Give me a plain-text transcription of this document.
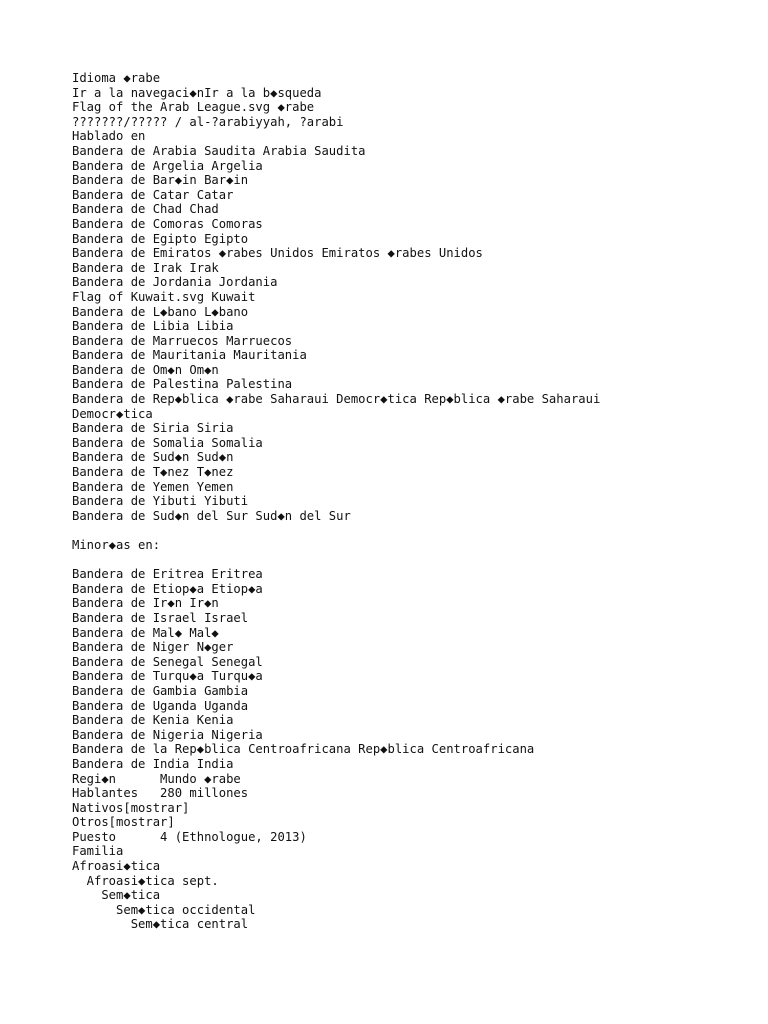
Idioma ◆rabe
Ir a la navegaci◆nIr a la b◆squeda
Flag of the Arab League.svg ◆rabe
???????/????? / al-?arabiyyah, ?arabi
Hablado en
Bandera de Arabia Saudita Arabia Saudita
Bandera de Argelia Argelia
Bandera de Bar◆in Bar◆in
Bandera de Catar Catar
Bandera de Chad Chad
Bandera de Comoras Comoras
Bandera de Egipto Egipto
Bandera de Emiratos ◆rabes Unidos Emiratos ◆rabes Unidos
Bandera de Irak Irak
Bandera de Jordania Jordania
Flag of Kuwait.svg Kuwait
Bandera de L◆bano L◆bano
Bandera de Libia Libia
Bandera de Marruecos Marruecos
Bandera de Mauritania Mauritania
Bandera de Om◆n Om◆n
Bandera de Palestina Palestina
Bandera de Rep◆blica ◆rabe Saharaui Democr◆tica Rep◆blica ◆rabe Saharaui
Democr◆tica
Bandera de Siria Siria
Bandera de Somalia Somalia
Bandera de Sud◆n Sud◆n
Bandera de T◆nez T◆nez
Bandera de Yemen Yemen
Bandera de Yibuti Yibuti
Bandera de Sud◆n del Sur Sud◆n del Sur
Minor◆as en:
Bandera de Eritrea Eritrea
Bandera de Etiop◆a Etiop◆a
Bandera de Ir◆n Ir◆n
Bandera de Israel Israel
Bandera de Mal◆ Mal◆
Bandera de Niger N◆ger
Bandera de Senegal Senegal
Bandera de Turqu◆a Turqu◆a
Bandera de Gambia Gambia
Bandera de Uganda Uganda
Bandera de Kenia Kenia
Bandera de Nigeria Nigeria
Bandera de la Rep◆blica Centroafricana Rep◆blica Centroafricana
Bandera de India India
Regi◆n      Mundo ◆rabe
Hablantes   280 millones
Nativos[mostrar]
Otros[mostrar]
Puesto      4 (Ethnologue, 2013)
Familia
Afroasi◆tica
Afroasi◆tica sept.
Sem◆tica
Sem◆tica occidental
Sem◆tica central
